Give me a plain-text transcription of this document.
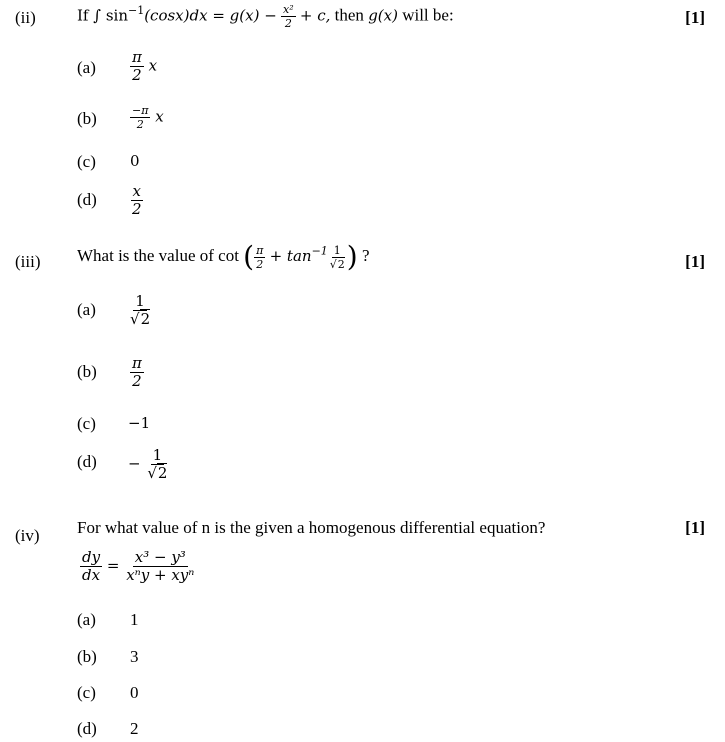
(ii)	If ∫ $\sin^{-1}(\cos x)dx = g(x) - \frac{\text{x²}}{2} + c$, then g(x) will be:	[1]
$(a) \frac{\pi}{2}$ x
(b)	$\frac{-\pi}{2}$ x
(c) 0
$(d) \frac{x}{2}$
(iii) What is the value of cot ( $\frac{\pi}{2} + \tan^{-1} \frac{1}{√2}$ ) ?	[1]
$(a) \frac{1}{√2}$
$(b) \frac{\pi}{2}$
(c) −1
$(d) - \frac{1}{√2}$
(iv) For what value of n is the given a homogenous differential equation?	[1]
$\frac{dy}{dx} = \frac{\text{x³ − y³}}{\text{xⁿy + xyⁿ}}$
(a) 1
(b) 3
(c) 0
(d) 2
